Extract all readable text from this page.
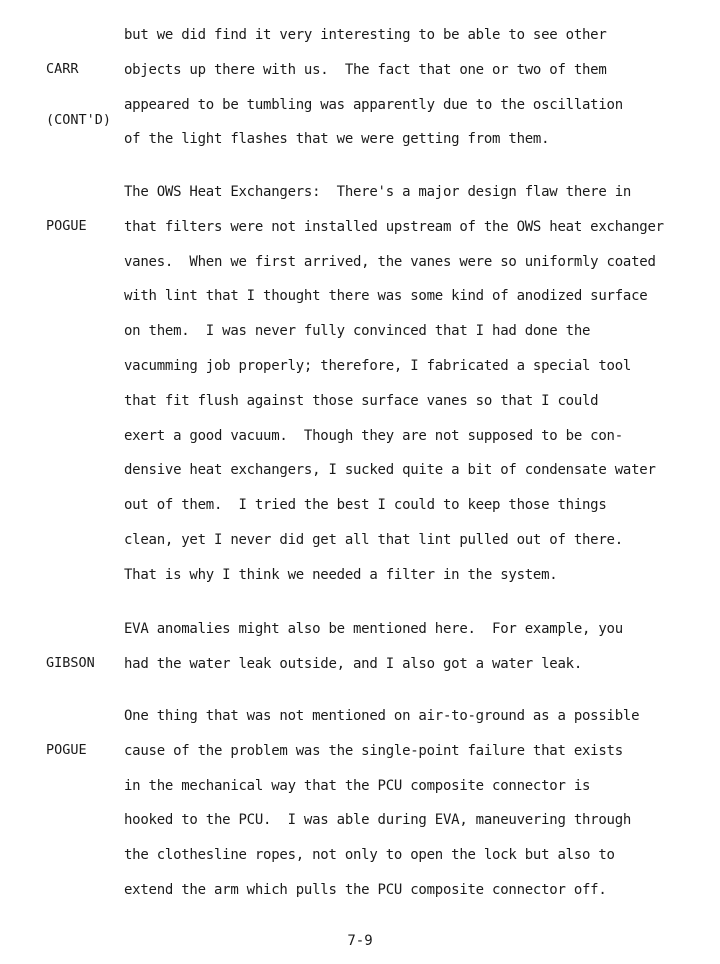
CARR

(CONT'D)

but we did find it very interesting to be able to see other
objects up there with us.  The fact that one or two of them
appeared to be tumbling was apparently due to the oscillation
of the light flashes that we were getting from them.

POGUE

The OWS Heat Exchangers:  There's a major design flaw there in
that filters were not installed upstream of the OWS heat exchanger
vanes.  When we first arrived, the vanes were so uniformly coated
with lint that I thought there was some kind of anodized surface
on them.  I was never fully convinced that I had done the
vacumming job properly; therefore, I fabricated a special tool
that fit flush against those surface vanes so that I could
exert a good vacuum.  Though they are not supposed to be con-
densive heat exchangers, I sucked quite a bit of condensate water
out of them.  I tried the best I could to keep those things
clean, yet I never did get all that lint pulled out of there.
That is why I think we needed a filter in the system.

GIBSON

EVA anomalies might also be mentioned here.  For example, you
had the water leak outside, and I also got a water leak.

POGUE

One thing that was not mentioned on air-to-ground as a possible
cause of the problem was the single-point failure that exists
in the mechanical way that the PCU composite connector is
hooked to the PCU.  I was able during EVA, maneuvering through
the clothesline ropes, not only to open the lock but also to
extend the arm which pulls the PCU composite connector off.
7-9
